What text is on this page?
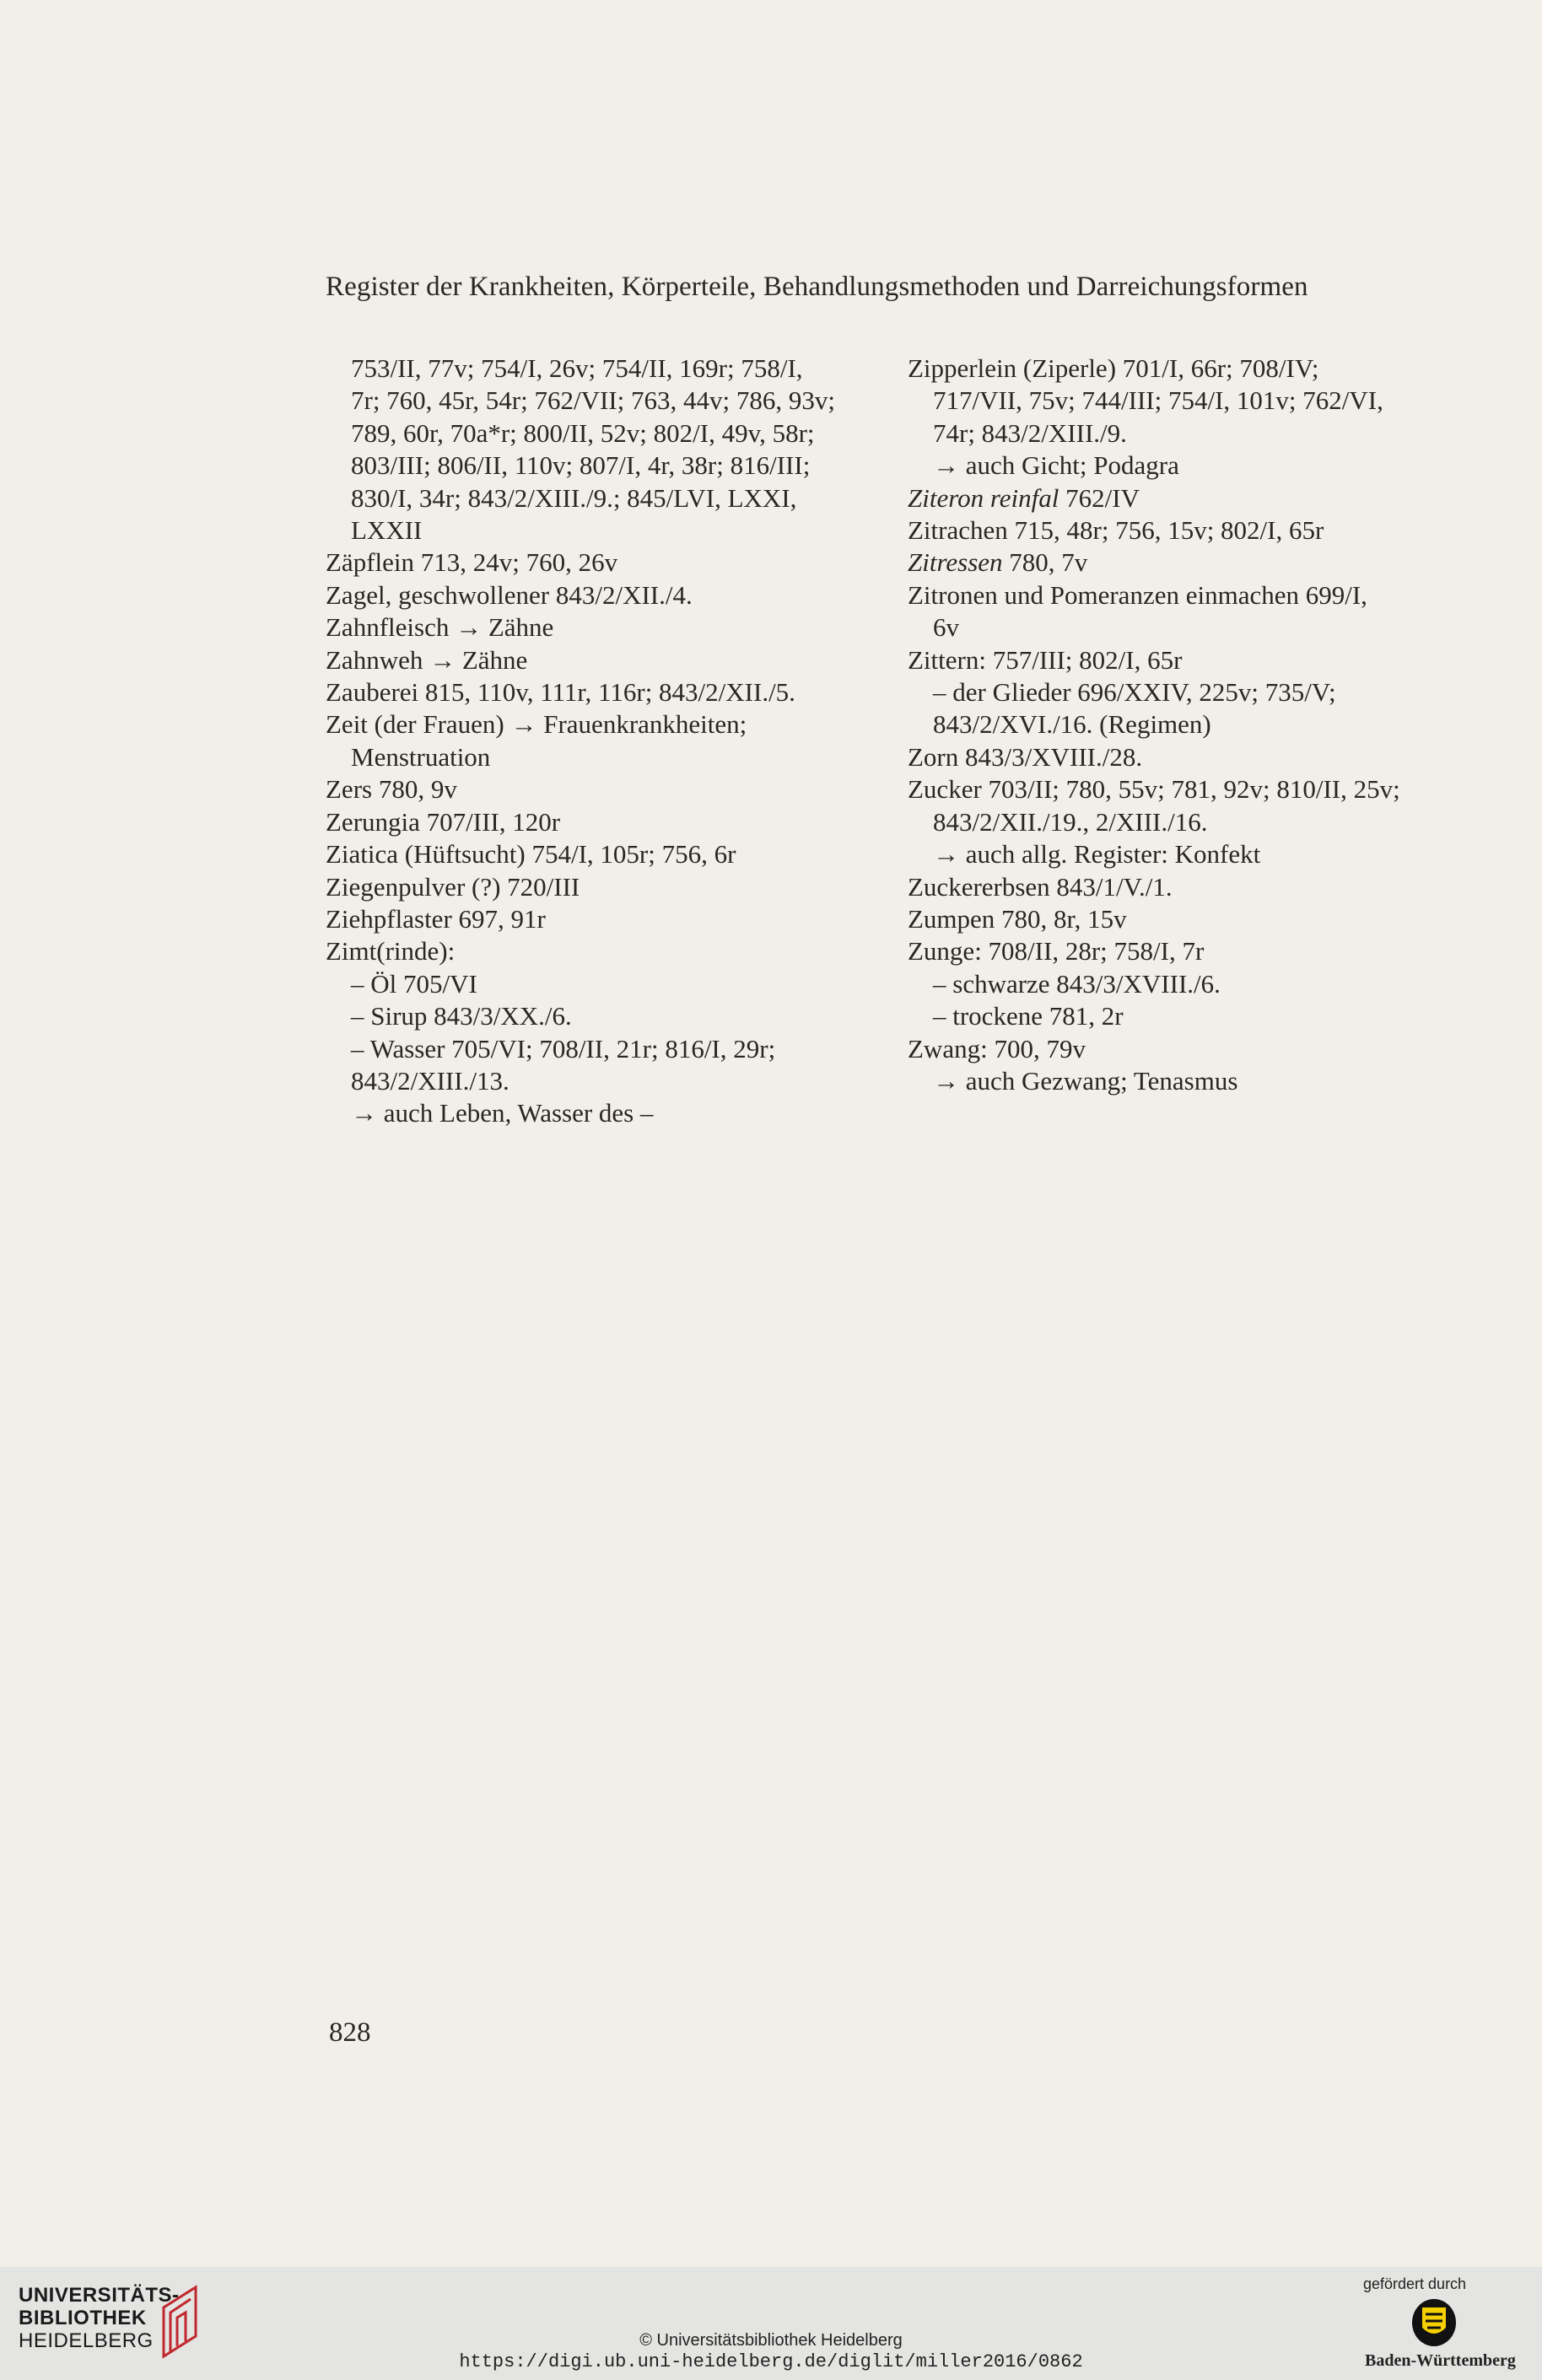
Register der Krankheiten, Körperteile, Behandlungsmethoden und Darreichungsformen
753/II, 77v; 754/I, 26v; 754/II, 169r; 758/I,
7r; 760, 45r, 54r; 762/VII; 763, 44v; 786, 93v;
789, 60r, 70a*r; 800/II, 52v; 802/I, 49v, 58r;
803/III; 806/II, 110v; 807/I, 4r, 38r; 816/III;
830/I, 34r; 843/2/XIII./9.; 845/LVI, LXXI,
LXXII
Zäpflein 713, 24v; 760, 26v
Zagel, geschwollener 843/2/XII./4.
Zahnfleisch → Zähne
Zahnweh → Zähne
Zauberei 815, 110v, 111r, 116r; 843/2/XII./5.
Zeit (der Frauen) → Frauenkrankheiten;
Menstruation
Zers 780, 9v
Zerungia 707/III, 120r
Ziatica (Hüftsucht) 754/I, 105r; 756, 6r
Ziegenpulver (?) 720/III
Ziehpflaster 697, 91r
Zimt(rinde):
– Öl 705/VI
– Sirup 843/3/XX./6.
– Wasser 705/VI; 708/II, 21r; 816/I, 29r;
843/2/XIII./13.
→ auch Leben, Wasser des –
Zipperlein (Ziperle) 701/I, 66r; 708/IV;
717/VII, 75v; 744/III; 754/I, 101v; 762/VI,
74r; 843/2/XIII./9.
→ auch Gicht; Podagra
Ziteron reinfal 762/IV
Zitrachen 715, 48r; 756, 15v; 802/I, 65r
Zitressen 780, 7v
Zitronen und Pomeranzen einmachen 699/I,
6v
Zittern: 757/III; 802/I, 65r
– der Glieder 696/XXIV, 225v; 735/V;
843/2/XVI./16. (Regimen)
Zorn 843/3/XVIII./28.
Zucker 703/II; 780, 55v; 781, 92v; 810/II, 25v;
843/2/XII./19., 2/XIII./16.
→ auch allg. Register: Konfekt
Zuckererbsen 843/1/V./1.
Zumpen 780, 8r, 15v
Zunge: 708/II, 28r; 758/I, 7r
– schwarze 843/3/XVIII./6.
– trockene 781, 2r
Zwang: 700, 79v
→ auch Gezwang; Tenasmus
828
UNIVERSITÄTS-
BIBLIOTHEK
HEIDELBERG	© Universitätsbibliothek Heidelberg
https://digi.ub.uni-heidelberg.de/diglit/miller2016/0862
gefördert durch
Baden-Württemberg
